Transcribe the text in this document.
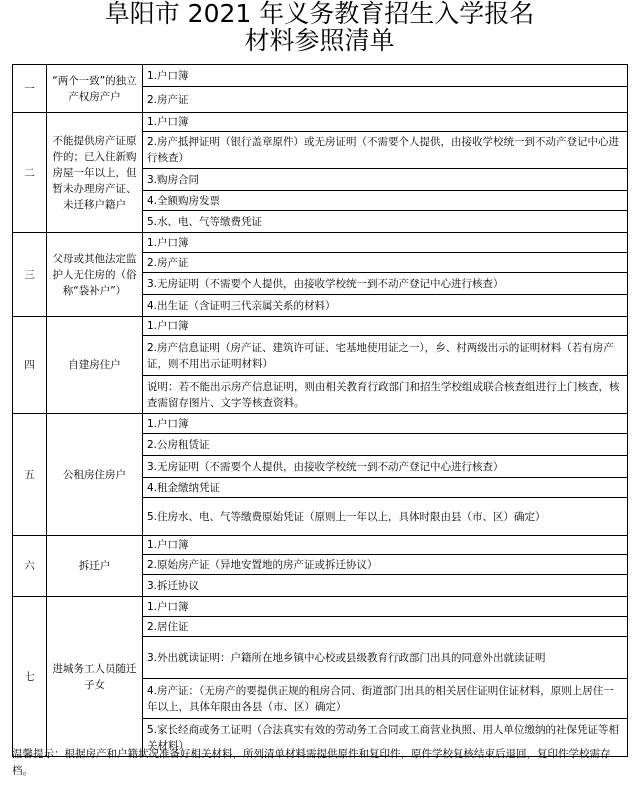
阜阳市 2021 年义务教育招生入学报名
材料参照清单
一	“两个一致”的独立产权房产户	1.户口簿
		2.房产证
二	不能提供房产证原件的；已入住新购房屋一年以上，但暂未办理房产证、未迁移户籍户	1.户口簿
		2.房产抵押证明（银行盖章原件）或无房证明（不需要个人提供，由接收学校统一到不动产登记中心进行核查）
		3.购房合同
		4.全额购房发票
		5.水、电、气等缴费凭证
三	父母或其他法定监护人无住房的（俗称“袋补户”）	1.户口簿
		2.房产证
		3.无房证明（不需要个人提供，由接收学校统一到不动产登记中心进行核查）
		4.出生证（含证明三代亲属关系的材料）
四	自建房住户	1.户口簿
		2.房产信息证明（房产证、建筑许可证、宅基地使用证之一），乡、村两级出示的证明材料（若有房产证，则不用出示证明材料）
		说明：若不能出示房产信息证明，则由相关教育行政部门和招生学校组成联合核查组进行上门核查，核查需留存图片、文字等核查资料。
五	公租房住房户	1.户口簿
		2.公房租赁证
		3.无房证明（不需要个人提供，由接收学校统一到不动产登记中心进行核查）
		4.租金缴纳凭证
		5.住房水、电、气等缴费原始凭证（原则上一年以上，具体时限由县（市、区）确定）
六	拆迁户	1.户口簿
		2.原始房产证（异地安置地的房产证或拆迁协议）
		3.拆迁协议
七	进城务工人员随迁子女	1.户口簿
		2.居住证
		3.外出就读证明：户籍所在地乡镇中心校或县级教育行政部门出具的同意外出就读证明
		4.房产证：（无房产的要提供正规的租房合同、街道部门出具的相关居住证明住证材料，原则上居住一年以上，具体年限由各县（市、区）确定）
		5.家长经商或务工证明（合法真实有效的劳动务工合同或工商营业执照、用人单位缴纳的社保凭证等相关材料）
温馨提示：根据房产和户籍状况准备好相关材料，所列清单材料需提供原件和复印件，原件学校复核结束后退回，复印件学校需存档。
